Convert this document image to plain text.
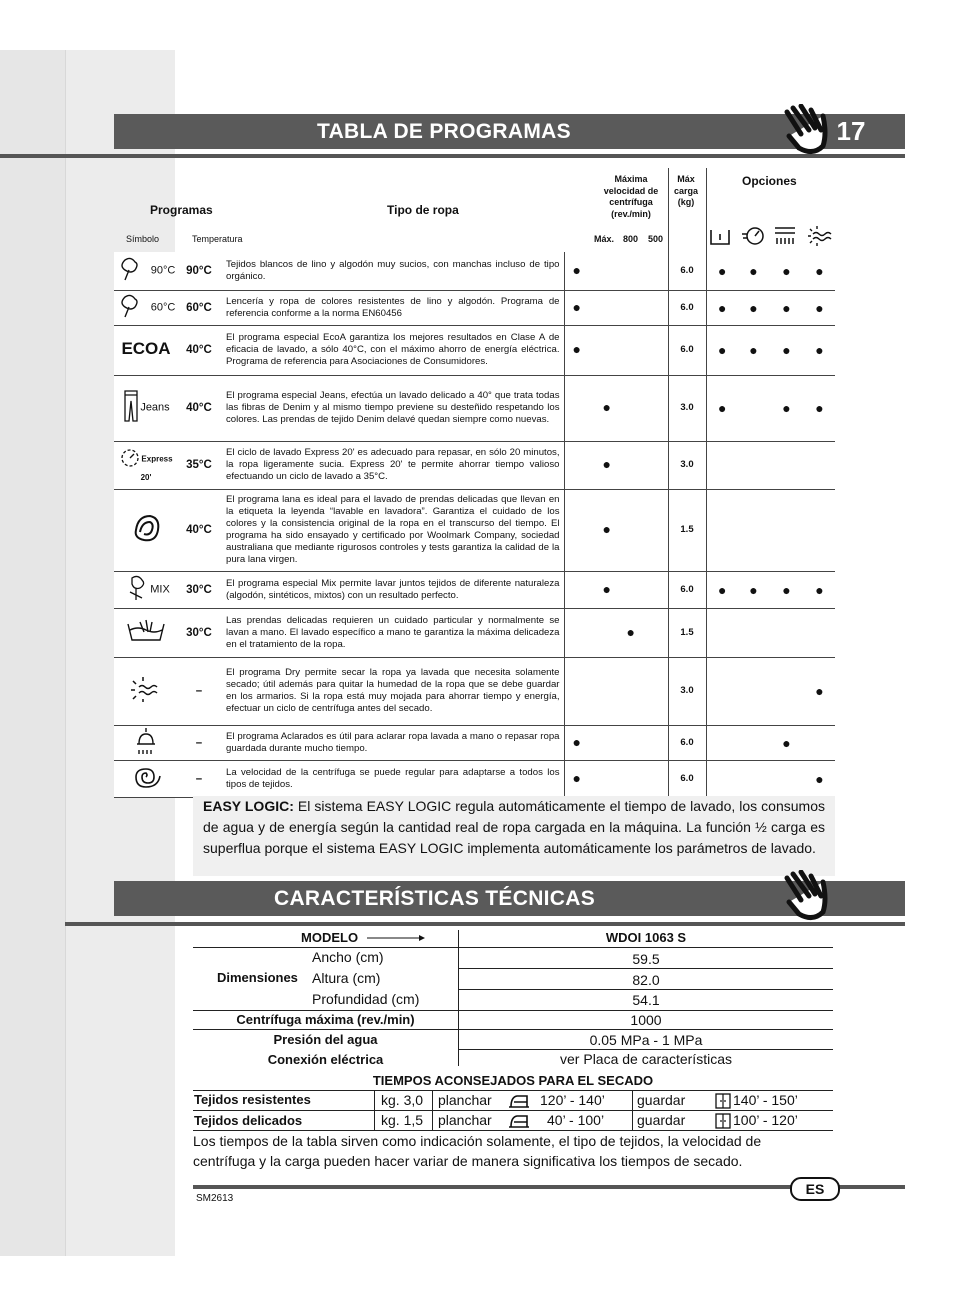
TABLA DE PROGRAMAS	17
Programas	Tipo de ropa
Símbolo	Temperatura
Máxima velocidad de centrífuga (rev./min)
Máx. 800 500
Máx carga (kg)
Opciones
90°C	90°C	Tejidos blancos de lino y algodón muy sucios, con manchas incluso de tipo orgánico.	●	6.0	●	●	●	●
60°C	60°C	Lencería y ropa de colores resistentes de lino y algodón. Programa de referencia conforme a la norma EN60456	●	6.0	●	●	●	●
ECOA	40°C	El programa especial EcoA garantiza los mejores resultados en Clase A de eficacia de lavado, a sólo 40°C, con el máximo ahorro de energía eléctrica. Programa de referencia para Asociaciones de Consumidores.	●	6.0	●	●	●	●
Jeans	40°C	El programa especial Jeans, efectúa un lavado delicado a 40° que trata todas las fibras de Denim y al mismo tiempo previene su desteñido respetando los colores. Las prendas de tejido Denim delavé quedan siempre como nuevas.	●	3.0	●		●	●
Express 20'	35°C	El ciclo de lavado Express 20' es adecuado para repasar, en sólo 20 minutos, la ropa ligeramente sucia. Express 20' te permite ahorrar tiempo valioso efectuando un ciclo de lavado a 35°C.	●	3.0				
	40°C	El programa lana es ideal para el lavado de prendas delicadas que llevan en la etiqueta la leyenda “lavable en lavadora”. Garantiza el cuidado de los colores y la consistencia original de la ropa en el transcurso del tiempo. El programa ha sido ensayado y certificado por Woolmark Company, sociedad australiana que mediante rigurosos controles y tests garantiza la calidad de la pura lana virgen.	●	1.5				
MIX	30°C	El programa especial Mix permite lavar juntos tejidos de diferente naturaleza (algodón, sintéticos, mixtos) con un resultado perfecto.	●	6.0	●	●	●	●
	30°C	Las prendas delicadas requieren un cuidado particular y normalmente se lavan a mano. El lavado específico a mano te garantiza la máxima delicadeza en el tratamiento de la ropa.	●	1.5				
	–	El programa Dry permite secar la ropa ya lavada que necesita solamente secado; útil además para quitar la humedad de la ropa que se debe guardar en los armarios. Si la ropa está muy mojada para ahorrar tiempo y energía, efectuar un ciclo de centrífuga antes del secado.		3.0				●
	–	El programa Aclarados es útil para aclarar ropa lavada a mano o repasar ropa guardada durante mucho tiempo.	●	6.0			●	
	–	La velocidad de la centrífuga se puede regular para adaptarse a todos los tipos de tejidos.	●	6.0				●
EASY LOGIC: El sistema EASY LOGIC regula automáticamente el tiempo de lavado, los consumos de agua y de energía según la cantidad real de ropa cargada en la máquina. La función ½ carga es superflua porque el sistema EASY LOGIC implementa automáticamente los parámetros de lavado.
CARACTERÍSTICAS TÉCNICAS
MODELO	WDOI 1063 S
Dimensiones
Ancho (cm)	59.5
Altura (cm)	82.0
Profundidad (cm)	54.1
Centrífuga máxima (rev./min)	1000
Presión del agua	0.05 MPa - 1 MPa
Conexión eléctrica	ver Placa de características
TIEMPOS ACONSEJADOS PARA EL SECADO
Tejidos resistentes	kg. 3,0 planchar	120’ - 140’ guardar	140’ - 150’
Tejidos delicados	kg. 1,5 planchar	40’ - 100’ guardar	100’ - 120’
Los tiempos de la tabla sirven como indicación solamente, el tipo de tejidos, la velocidad de centrífuga y la carga pueden hacer variar de manera significativa los tiempos de secado.
ES
SM2613
